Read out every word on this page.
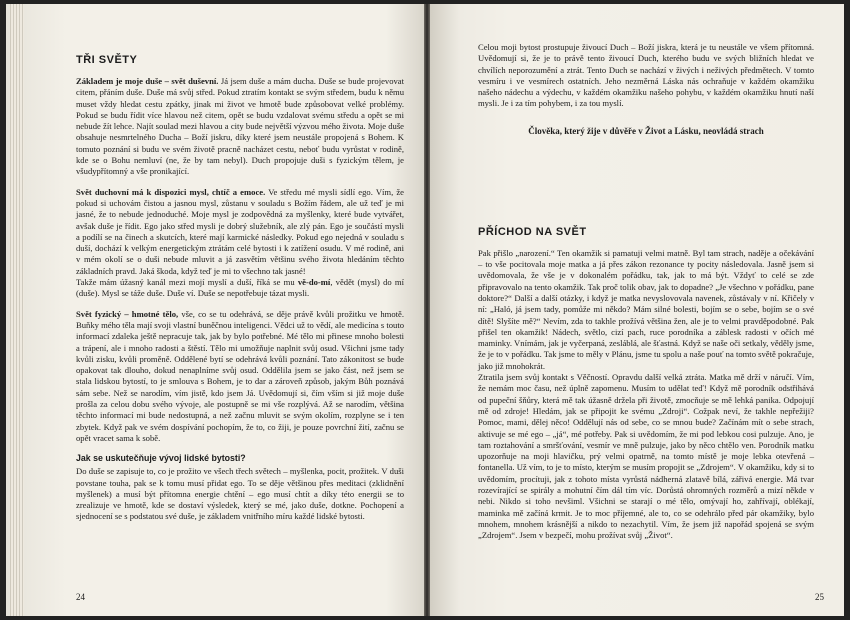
TŘI SVĚTY

Základem je moje duše – svět duševní. Já jsem duše a mám ducha. Duše se bude projevovat citem, přáním duše. Duše má svůj střed. Pokud ztratím kontakt se svým středem, budu k němu muset vždy hledat cestu zpátky, jinak mi život ve hmotě bude způsobovat velké problémy. Pokud se budu řídit více hlavou než citem, opět se budu vzdalovat svému středu a opět se mi nebude žít lehce. Najít soulad mezi hlavou a city bude největší výzvou mého života. Moje duše obsahuje nesmrtelného Ducha – Boží jiskru, díky které jsem neustále propojená s Bohem. K tomuto poznání si budu ve svém životě pracně nacházet cestu, neboť budu vyrůstat v rodině, kde se o Bohu nemluví (ne, že by tam nebyl). Duch propojuje duši s fyzickým tělem, je všudypřítomný a vše pronikající.

Svět duchovní má k dispozici mysl, chtíč a emoce. Ve středu mé mysli sídlí ego. Vím, že pokud si uchovám čistou a jasnou mysl, zůstanu v souladu s Božím řádem, ale už teď je mi jasné, že to nebude jednoduché. Moje mysl je zodpovědná za myšlenky, které bude vytvářet, avšak duše je řídit. Ego jako střed mysli je dobrý služebník, ale zlý pán. Ego je součástí mysli a podílí se na činech a skutcích, které mají karmické následky. Pokud ego nejedná v souladu s duší, dochází k velkým energetickým ztrátám celé bytosti i k zatížení osudu. V mé rodině, ani v mém okolí se o duši nebude mluvit a já zasvětím většinu svého života hledáním těchto základních pravd. Jaká škoda, když teď je mi to všechno tak jasné!

Takže mám úžasný kanál mezi mojí myslí a duší, říká se mu vě-do-mí, vědět (mysl) do mí (duše). Mysl se táže duše. Duše ví. Duše se nepotřebuje tázat mysli.

Svět fyzický – hmotné tělo, vše, co se tu odehrává, se děje právě kvůli prožitku ve hmotě. Buňky mého těla mají svoji vlastní buněčnou inteligenci. Vědci už to vědí, ale medicína s touto informací zdaleka ještě nepracuje tak, jak by bylo potřebné. Mé tělo mi přinese mnoho bolesti a trápení, ale i mnoho radosti a štěstí. Tělo mi umožňuje naplnit svůj osud. Všichni jsme tady kvůli zisku, kvůli proměně. Oddělené bytí se odehrává kvůli poznání. Tato zákonitost se bude opakovat tak dlouho, dokud nenaplníme svůj osud. Oddělila jsem se jako část, než jsem se stala lidskou bytostí, to je smlouva s Bohem, je to dar a zároveň způsob, jakým Bůh poznává sám sebe. Než se narodím, vím jistě, kdo jsem Já. Uvědomují si, čím vším si již moje duše prošla za celou dobu svého vývoje, ale postupně se mi vše rozplývá. Až se narodím, většina těchto informací mi bude nedostupná, a než začnu mluvit se svým okolím, rozplyne se i ten zbytek. Když pak ve svém dospívání pochopím, že to, co žiji, je pouze povrchní žití, začnu se opět vracet sama k sobě.

Jak se uskutečňuje vývoj lidské bytosti?

Do duše se zapisuje to, co je prožito ve všech třech světech – myšlenka, pocit, prožitek. V duši povstane touha, pak se k tomu musí přidat ego. To se děje většinou přes meditaci (zklidnění myšlenek) a musí být přítomna energie chtění – ego musí chtít a díky této energii se to zrealizuje ve hmotě, kde se dostaví výsledek, který se mé, jako duše, dotkne. Pochopení a sjednocení se s podstatou své duše, je základem vnitřního míru každé lidské bytosti.

24

Celou moji bytost prostupuje živoucí Duch – Boží jiskra, která je tu neustále ve všem přítomná. Uvědomují si, že je to právě tento živoucí Duch, kterého budu ve svých bližních hledat ve chvílích neporozumění a ztrát. Tento Duch se nachází v živých i neživých předmětech. V tomto vesmíru i ve vesmírech ostatních. Jeho nezměrná Láska nás ochraňuje v každém okamžiku našeho nádechu a výdechu, v každém okamžiku našeho pohybu, v každém okamžiku hnutí naší mysli. Je i za tím pohybem, i za tou myslí.

Člověka, který žije v důvěře v Život a Lásku, neovládá strach
PŘÍCHOD NA SVĚT

Pak přišlo „narození.“ Ten okamžik si pamatuji velmi matně. Byl tam strach, naděje a očekávání – to vše pocitovala moje matka a já přes zákon rezonance ty pocity následovala. Jasně jsem si uvědomovala, že vše je v dokonalém pořádku, tak, jak to má být. Vždyť to celé se zde připravovalo na tento okamžik. Tak proč tolik obav, jak to dopadne? „Je všechno v pořádku, pane doktore?“ Další a další otázky, i když je matka nevyslovovala navenek, zůstávaly v ní. Křičely v ní: „Haló, já jsem tady, pomůže mi někdo? Mám silné bolesti, bojím se o sebe, bojím se o své dítě! Slyšíte mě?“ Nevím, zda to takhle prožívá většina žen, ale je to velmi pravděpodobné. Pak přišel ten okamžik! Nádech, světlo, cizí pach, ruce porodníka a záblesk radosti v očích mé maminky. Vnímám, jak je vyčerpaná, zesláblá, ale šťastná. Když se naše oči setkaly, věděly jsme, že je to v pořádku. Tak jsme to měly v Plánu, jsme tu spolu a naše pouť na tomto světě pokračuje, jako již mnohokrát.

Ztratila jsem svůj kontakt s Věčností. Opravdu další velká ztráta. Matka mě drží v náručí. Vím, že nemám moc času, než úplně zapomenu. Musím to udělat teď! Když mě porodník odstřihává od pupeční šňůry, která mě tak úžasně držela při životě, zmocňuje se mě lehká panika. Odpojují mě od zdroje! Hledám, jak se připojit ke svému „Zdroji“. Cožpak neví, že takhle nepřežiji? Pomoc, mami, dělej něco! Oddělují nás od sebe, co se mnou bude? Začínám mít o sebe strach, aktivuje se mé ego – „já“, mé potřeby. Pak si uvědomím, že mi pod lebkou cosi pulzuje. Ano, je tam roztahování a smršťování, vesmír ve mně pulzuje, jako by něco chtělo ven. Porodník matku upozorňuje na moji hlavičku, prý velmi opatrně, na tomto místě je moje lebka otevřená – fontanella. Už vím, to je to místo, kterým se musím propojit se „Zdrojem“. V okamžiku, kdy si to uvědomím, procítuji, jak z tohoto místa vyrůstá nádherná zlatavě bílá, zářivá energie. Má tvar rozevírající se spirály a mohutní čím dál tím víc. Dorůstá ohromných rozměrů a mizí někde v nebi. Nikdo si toho nevšiml. Všichni se starají o mé tělo, omývají ho, zahřívají, oblékají, maminka mě začíná krmit. Je to moc příjemné, ale to, co se odehrálo před pár okamžiky, bylo mnohem, mnohem krásnější a nikdo to nezachytil. Vím, že jsem již napořád spojená se svým „Zdrojem“. Jsem v bezpečí, mohu prožívat svůj „Život“.

25
